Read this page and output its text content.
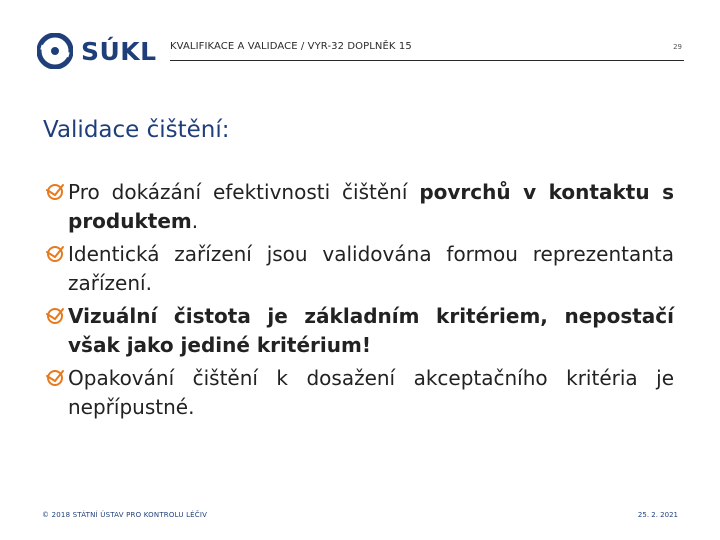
SÚKL KVALIFIKACE A VALIDACE / VYR-32 DOPLNĚK 15	29
Validace čištění:
Pro dokázání efektivnosti čištění povrchů v kontaktu s produktem.
Identická zařízení jsou validována formou reprezentanta zařízení.
Vizuální čistota je základním kritériem, nepostačí však jako jediné kritérium!
Opakování čištění k dosažení akceptačního kritéria je nepřípustné.
© 2018 STÁTNÍ ÚSTAV PRO KONTROLU LÉČIV	25. 2. 2021
